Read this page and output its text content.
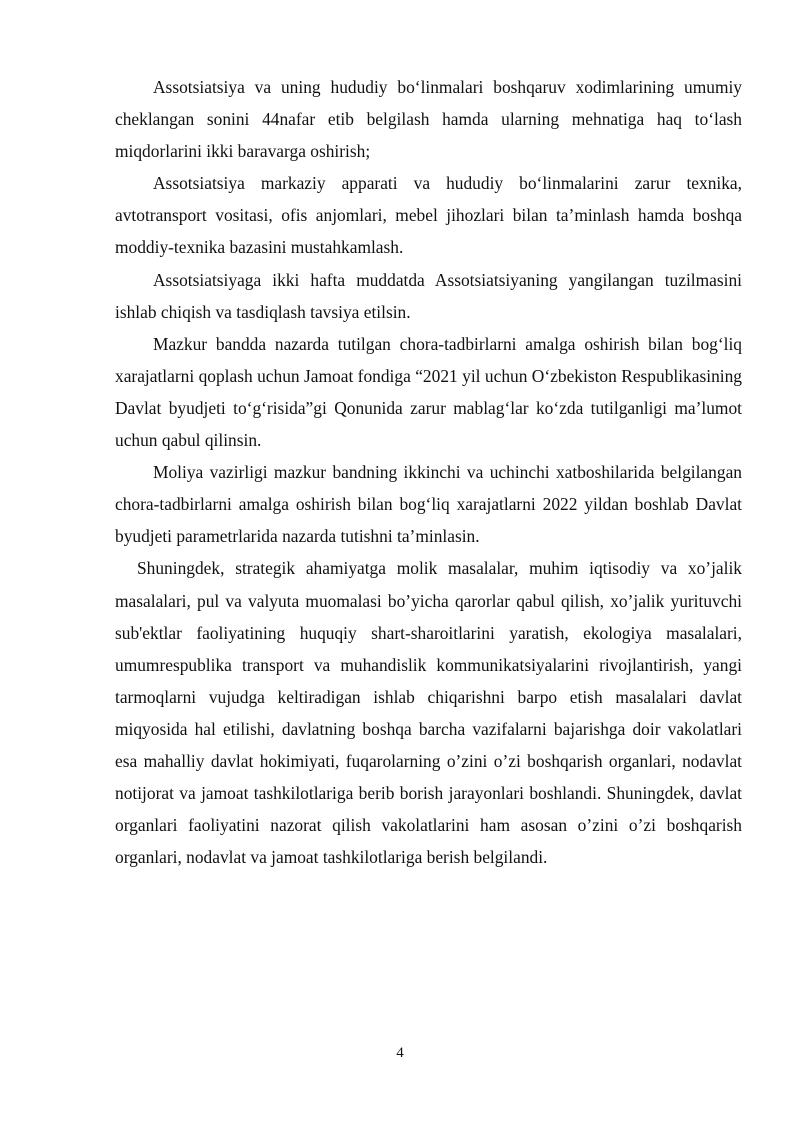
Assotsiatsiya va uning hududiy bo‘linmalari boshqaruv xodimlarining umumiy cheklangan sonini 44nafar etib belgilash hamda ularning mehnatiga haq to‘lash miqdorlarini ikki baravarga oshirish;

Assotsiatsiya markaziy apparati va hududiy bo‘linmalarini zarur texnika, avtotransport vositasi, ofis anjomlari, mebel jihozlari bilan ta’minlash hamda boshqa moddiy-texnika bazasini mustahkamlash.

Assotsiatsiyaga ikki hafta muddatda Assotsiatsiyaning yangilangan tuzilmasini ishlab chiqish va tasdiqlash tavsiya etilsin.

Mazkur bandda nazarda tutilgan chora-tadbirlarni amalga oshirish bilan bog‘liq xarajatlarni qoplash uchun Jamoat fondiga “2021 yil uchun O‘zbekiston Respublikasining Davlat byudjeti to‘g‘risida”gi Qonunida zarur mablag‘lar ko‘zda tutilganligi ma’lumot uchun qabul qilinsin.

Moliya vazirligi mazkur bandning ikkinchi va uchinchi xatboshilarida belgilangan chora-tadbirlarni amalga oshirish bilan bog‘liq xarajatlarni 2022 yildan boshlab Davlat byudjeti parametrlarida nazarda tutishni ta’minlasin.

Shuningdek, strategik ahamiyatga molik masalalar, muhim iqtisodiy va xo’jalik masalalari, pul va valyuta muomalasi bo’yicha qarorlar qabul qilish, xo’jalik yurituvchi sub'ektlar faoliyatining huquqiy shart-sharoitlarini yaratish, ekologiya masalalari, umumrespublika transport va muhandislik kommunikatsiyalarini rivojlantirish, yangi tarmoqlarni vujudga keltiradigan ishlab chiqarishni barpo etish masalalari davlat miqyosida hal etilishi, davlatning boshqa barcha vazifalarni bajarishga doir vakolatlari esa mahalliy davlat hokimiyati, fuqarolarning o’zini o’zi boshqarish organlari, nodavlat notijorat va jamoat tashkilotlariga berib borish jarayonlari boshlandi. Shuningdek, davlat organlari faoliyatini nazorat qilish vakolatlarini ham asosan o’zini o’zi boshqarish organlari, nodavlat va jamoat tashkilotlariga berish belgilandi.

4
